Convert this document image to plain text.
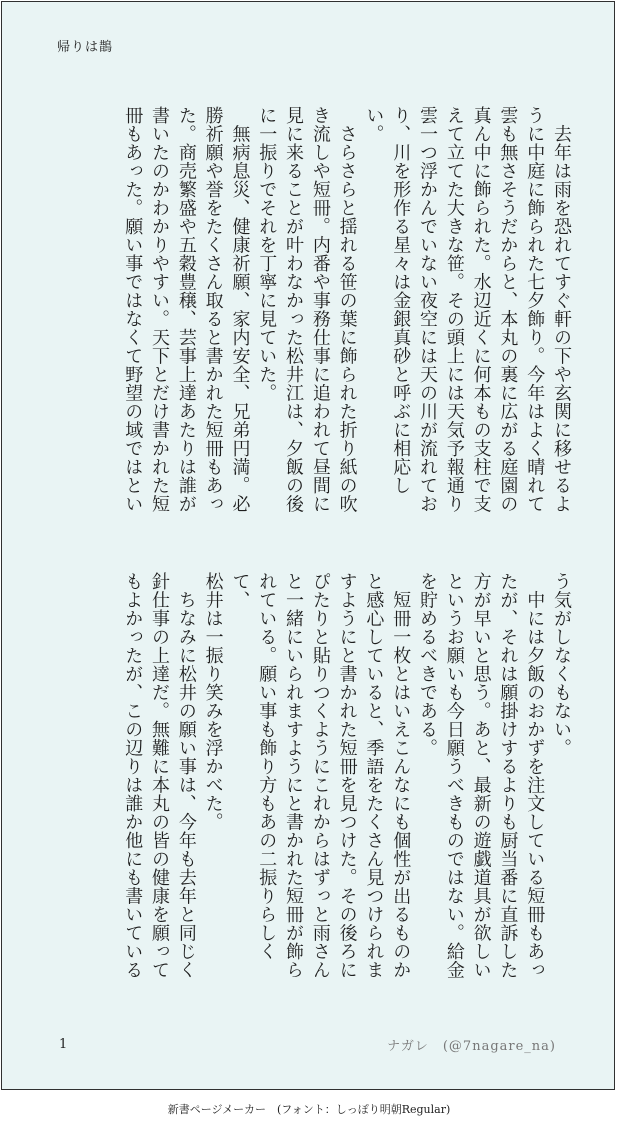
帰りは鵲
　去年は雨を恐れてすぐ軒の下や玄関に移せるよ
うに中庭に飾られた七夕飾り。今年はよく晴れて
雲も無さそうだからと、本丸の裏に広がる庭園の
真ん中に飾られた。水辺近くに何本もの支柱で支
えて立てた大きな笹。その頭上には天気予報通り
雲一つ浮かんでいない夜空には天の川が流れてお
り、川を形作る星々は金銀真砂と呼ぶに相応しい。
　さらさらと揺れる笹の葉に飾られた折り紙の吹
き流しや短冊。内番や事務仕事に追われて昼間に
見に来ることが叶わなかった松井江は、夕飯の後
に一振りでそれを丁寧に見ていた。
　無病息災、健康祈願、家内安全、兄弟円満。必
勝祈願や誉をたくさん取ると書かれた短冊もあっ
た。商売繁盛や五穀豊穣、芸事上達あたりは誰が
書いたのかわかりやすい。天下とだけ書かれた短
冊もあった。願い事ではなくて野望の域ではとい
う気がしなくもない。
　中には夕飯のおかずを注文している短冊もあっ
たが、それは願掛けするよりも厨当番に直訴した
方が早いと思う。あと、最新の遊戯道具が欲しい
というお願いも今日願うべきものではない。給金
を貯めるべきである。
　短冊一枚とはいえこんなにも個性が出るものか
と感心していると、季語をたくさん見つけられま
すようにと書かれた短冊を見つけた。その後ろに
ぴたりと貼りつくようにこれからはずっと雨さん
と一緒にいられますようにと書かれた短冊が飾ら
れている。願い事も飾り方もあの二振りらしくて、
松井は一振り笑みを浮かべた。
　ちなみに松井の願い事は、今年も去年と同じく
針仕事の上達だ。無難に本丸の皆の健康を願って
もよかったが、この辺りは誰か他にも書いている
1	ナガレ　(@7nagare_na)
新書ページメーカー　(フォント：しっぽり明朝Regular)
